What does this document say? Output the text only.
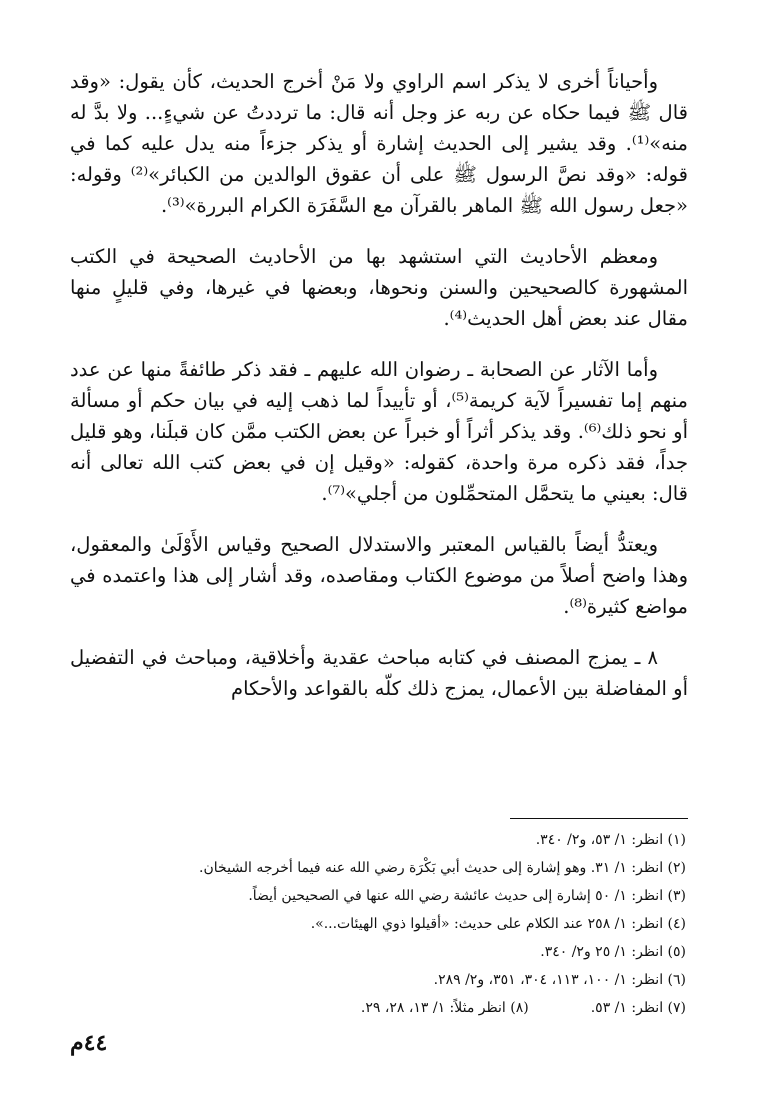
وأحياناً أخرى لا يذكر اسم الراوي ولا مَنْ أخرج الحديث، كأن يقول: «وقد قال ﷺ فيما حكاه عن ربه عز وجل أنه قال: ما ترددتُ عن شيءٍ... ولا بدَّ له منه»⁽¹⁾. وقد يشير إلى الحديث إشارة أو يذكر جزءاً منه يدل عليه كما في قوله: «وقد نصَّ الرسول ﷺ على أن عقوق الوالدين من الكبائر»⁽²⁾ وقوله: «جعل رسول الله ﷺ الماهر بالقرآن مع السَّفَرَة الكرام البررة»⁽³⁾.

ومعظم الأحاديث التي استشهد بها من الأحاديث الصحيحة في الكتب المشهورة كالصحيحين والسنن ونحوها، وبعضها في غيرها، وفي قليلٍ منها مقال عند بعض أهل الحديث⁽⁴⁾.

وأما الآثار عن الصحابة ـ رضوان الله عليهم ـ فقد ذكر طائفةً منها عن عدد منهم إما تفسيراً لآية كريمة⁽⁵⁾، أو تأييداً لما ذهب إليه في بيان حكم أو مسألة أو نحو ذلك⁽⁶⁾. وقد يذكر أثراً أو خبراً عن بعض الكتب ممَّن كان قبلَنا، وهو قليل جداً، فقد ذكره مرة واحدة، كقوله: «وقيل إن في بعض كتب الله تعالى أنه قال: بعيني ما يتحمَّل المتحمِّلون من أجلي»⁽⁷⁾.

ويعتدُّ أيضاً بالقياس المعتبر والاستدلال الصحيح وقياس الأَوْلَىٰ والمعقول، وهذا واضح أصلاً من موضوع الكتاب ومقاصده، وقد أشار إلى هذا واعتمده في مواضع كثيرة⁽⁸⁾.

٨ ـ يمزج المصنف في كتابه مباحث عقدية وأخلاقية، ومباحث في التفضيل أو المفاضلة بين الأعمال، يمزج ذلك كلّه بالقواعد والأحكام

(١) انظر: ١/ ٥٣، و٢/ ٣٤٠.
(٢) انظر: ١/ ٣١. وهو إشارة إلى حديث أبي بَكْرَة رضي الله عنه فيما أخرجه الشيخان.
(٣) انظر: ١/ ٥٠ إشارة إلى حديث عائشة رضي الله عنها في الصحيحين أيضاً.
(٤) انظر: ١/ ٢٥٨ عند الكلام على حديث: «أقيلوا ذوي الهيئات...».
(٥) انظر: ١/ ٢٥ و٢/ ٣٤٠.
(٦) انظر: ١/ ١٠٠، ١١٣، ٣٠٤، ٣٥١، و٢/ ٢٨٩.
(٧) انظر: ١/ ٥٣.
(٨) انظر مثلاً: ١/ ١٣، ٢٨، ٢٩.
٤٤م
